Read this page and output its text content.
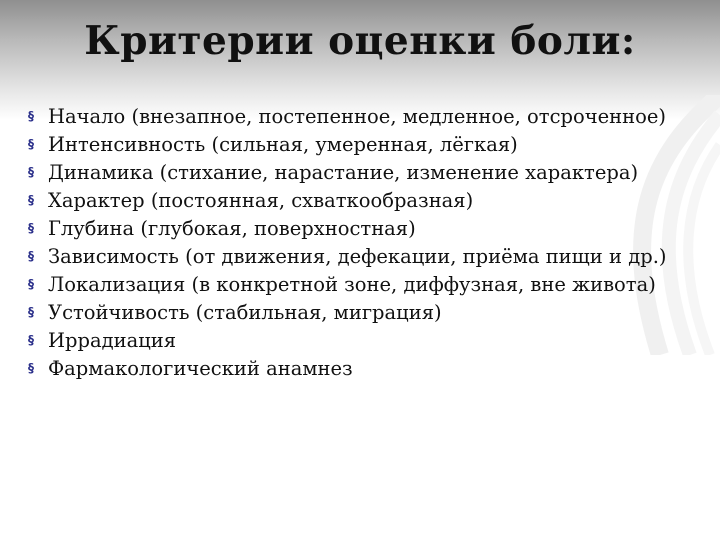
Критерии оценки боли:
§ Начало (внезапное, постепенное, медленное, отсроченное)
§ Интенсивность (сильная, умеренная, лёгкая)
§ Динамика (стихание, нарастание, изменение характера)
§ Характер (постоянная, схваткообразная)
§ Глубина (глубокая, поверхностная)
§ Зависимость (от движения, дефекации, приёма пищи и др.)
§ Локализация (в конкретной зоне, диффузная, вне живота)
§ Устойчивость (стабильная, миграция)
§ Иррадиация
§ Фармакологический анамнез
